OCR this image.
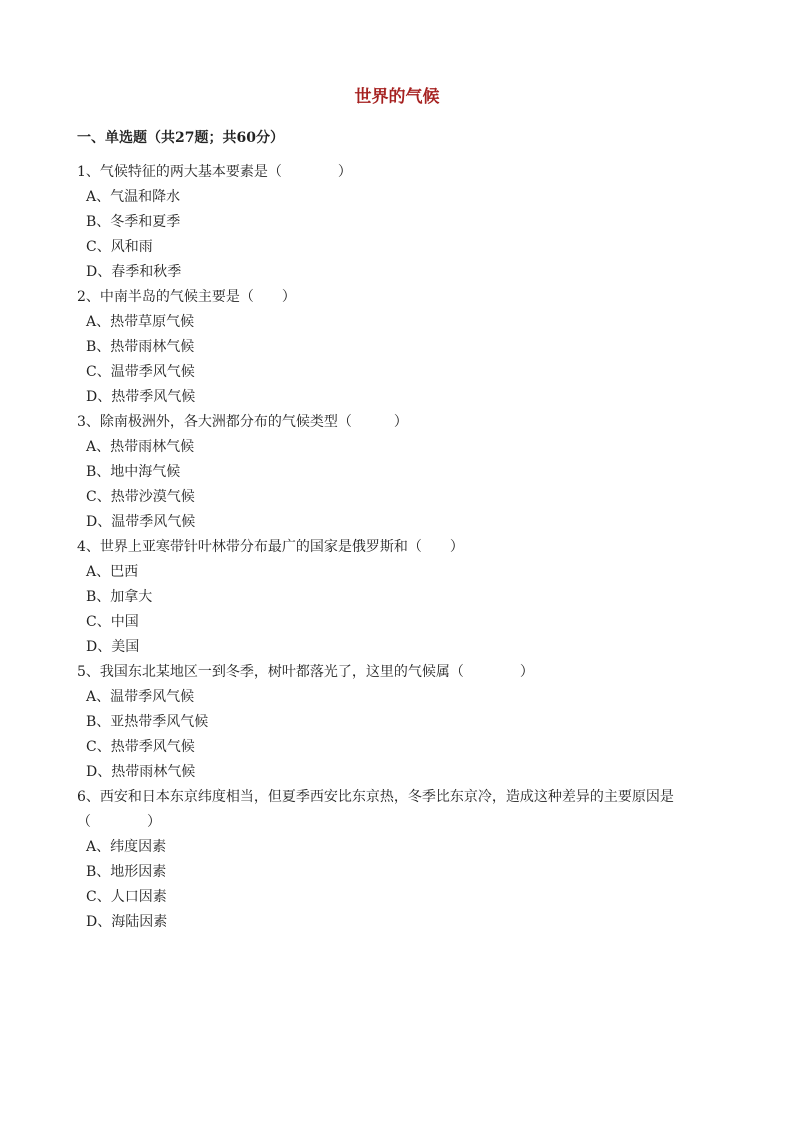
世界的气候
一、单选题（共27题；共60分）
1、气候特征的两大基本要素是（　　　　）
A、气温和降水
B、冬季和夏季
C、风和雨
D、春季和秋季
2、中南半岛的气候主要是（　　）
A、热带草原气候
B、热带雨林气候
C、温带季风气候
D、热带季风气候
3、除南极洲外，各大洲都分布的气候类型（　　　）
A、热带雨林气候
B、地中海气候
C、热带沙漠气候
D、温带季风气候
4、世界上亚寒带针叶林带分布最广的国家是俄罗斯和（　　）
A、巴西
B、加拿大
C、中国
D、美国
5、我国东北某地区一到冬季，树叶都落光了，这里的气候属（　　　　）
A、温带季风气候
B、亚热带季风气候
C、热带季风气候
D、热带雨林气候
6、西安和日本东京纬度相当，但夏季西安比东京热，冬季比东京冷，造成这种差异的主要原因是
（　　　　）
A、纬度因素
B、地形因素
C、人口因素
D、海陆因素
